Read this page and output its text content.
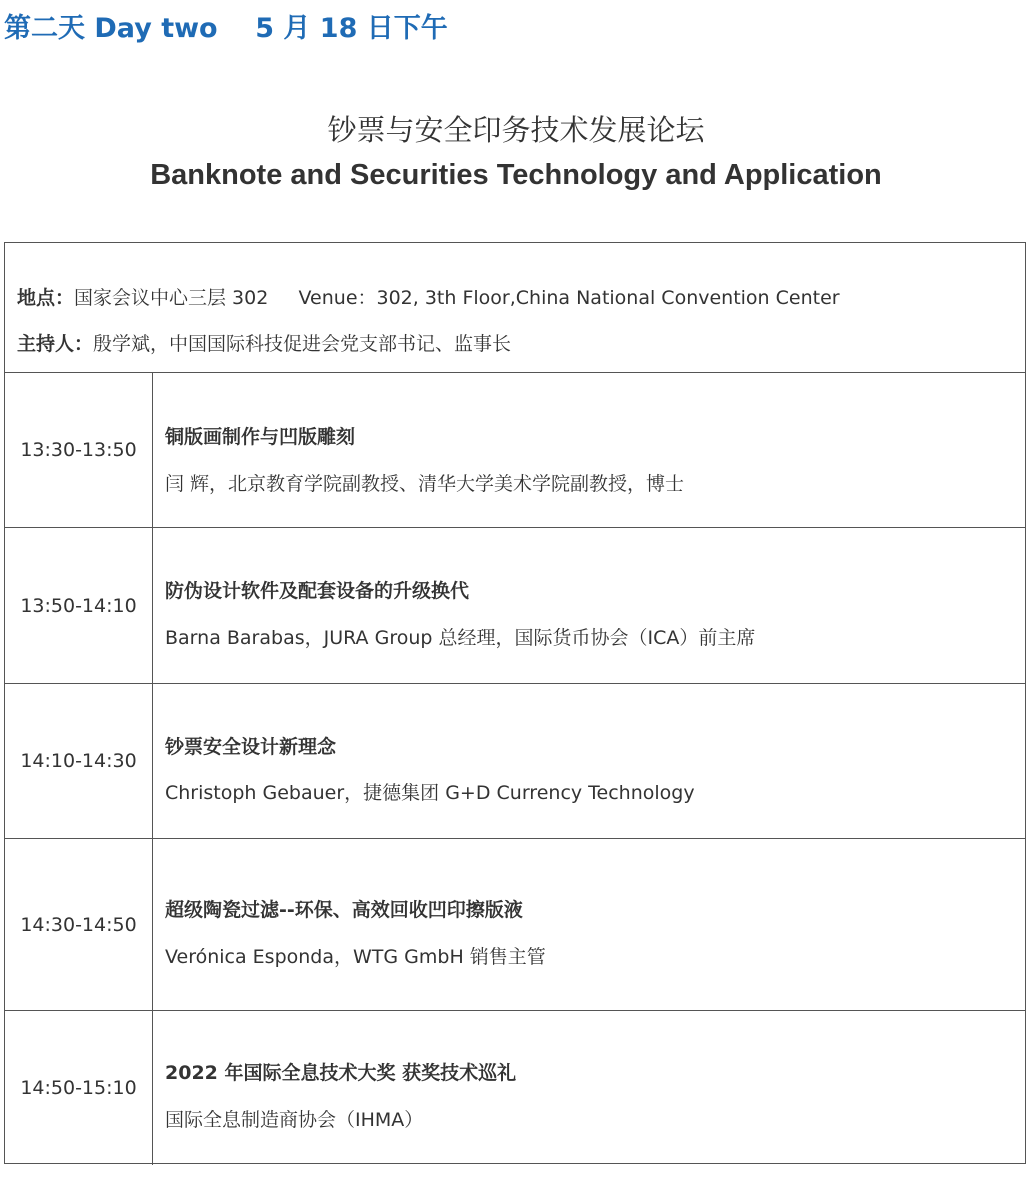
第二天 Day two    5 月 18 日下午
钞票与安全印务技术发展论坛
Banknote and Securities Technology and Application
地点：国家会议中心三层 302     Venue：302, 3th Floor,China National Convention Center
主持人：殷学斌，中国国际科技促进会党支部书记、监事长
13:30-13:50
铜版画制作与凹版雕刻
闫 辉，北京教育学院副教授、清华大学美术学院副教授，博士
13:50-14:10
防伪设计软件及配套设备的升级换代
Barna Barabas，JURA Group 总经理，国际货币协会（ICA）前主席
14:10-14:30
钞票安全设计新理念
Christoph Gebauer，捷德集团 G+D Currency Technology
14:30-14:50
超级陶瓷过滤--环保、高效回收凹印擦版液
Verónica Esponda，WTG GmbH 销售主管
14:50-15:10
2022 年国际全息技术大奖 获奖技术巡礼
国际全息制造商协会（IHMA）
